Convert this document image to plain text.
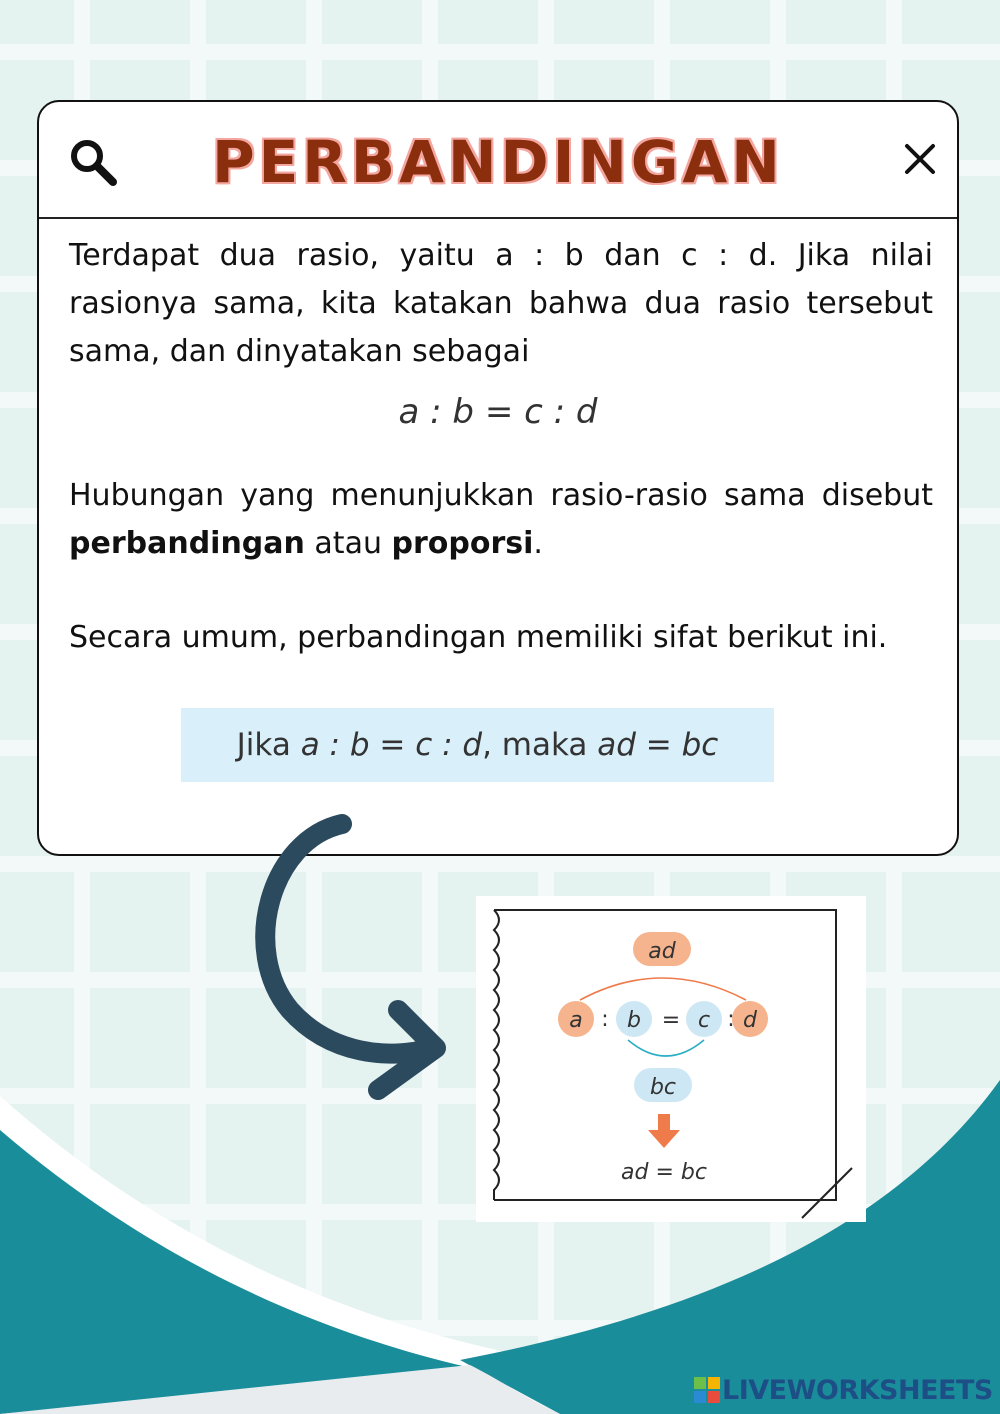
PERBANDINGAN

Terdapat dua rasio, yaitu a : b dan c : d. Jika nilai rasionya sama, kita katakan bahwa dua rasio tersebut sama, dan dinyatakan sebagai

a : b = c : d

Hubungan yang menunjukkan rasio-rasio sama disebut perbandingan atau proporsi.

Secara umum, perbandingan memiliki sifat berikut ini.

Jika
a : b = c : d , maka
ad = bc
ad
a : b = c : d
bc
ad = bc
LIVEWORKSHEETS
